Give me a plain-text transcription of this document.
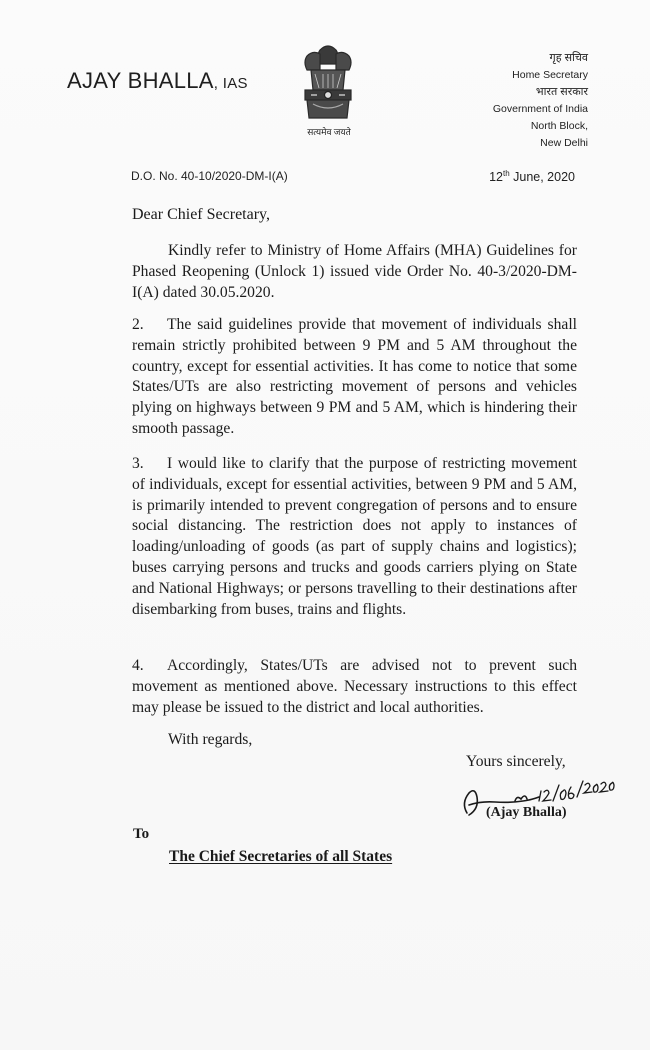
AJAY BHALLA, IAS
सत्यमेव जयते
गृह सचिव
Home Secretary
भारत सरकार
Government of India
North Block,
New Delhi
D.O. No. 40-10/2020-DM-I(A)	12th June, 2020
Dear Chief Secretary,
Kindly refer to Ministry of Home Affairs (MHA) Guidelines for Phased Reopening (Unlock 1) issued vide Order No. 40-3/2020-DM-I(A) dated 30.05.2020.
2. The said guidelines provide that movement of individuals shall remain strictly prohibited between 9 PM and 5 AM throughout the country, except for essential activities. It has come to notice that some States/UTs are also restricting movement of persons and vehicles plying on highways between 9 PM and 5 AM, which is hindering their smooth passage.
3. I would like to clarify that the purpose of restricting movement of individuals, except for essential activities, between 9 PM and 5 AM, is primarily intended to prevent congregation of persons and to ensure social distancing. The restriction does not apply to instances of loading/unloading of goods (as part of supply chains and logistics); buses carrying persons and trucks and goods carriers plying on State and National Highways; or persons travelling to their destinations after disembarking from buses, trains and flights.
4. Accordingly, States/UTs are advised not to prevent such movement as mentioned above. Necessary instructions to this effect may please be issued to the district and local authorities.
With regards,
Yours sincerely,
(Ajay Bhalla)
To
The Chief Secretaries of all States
